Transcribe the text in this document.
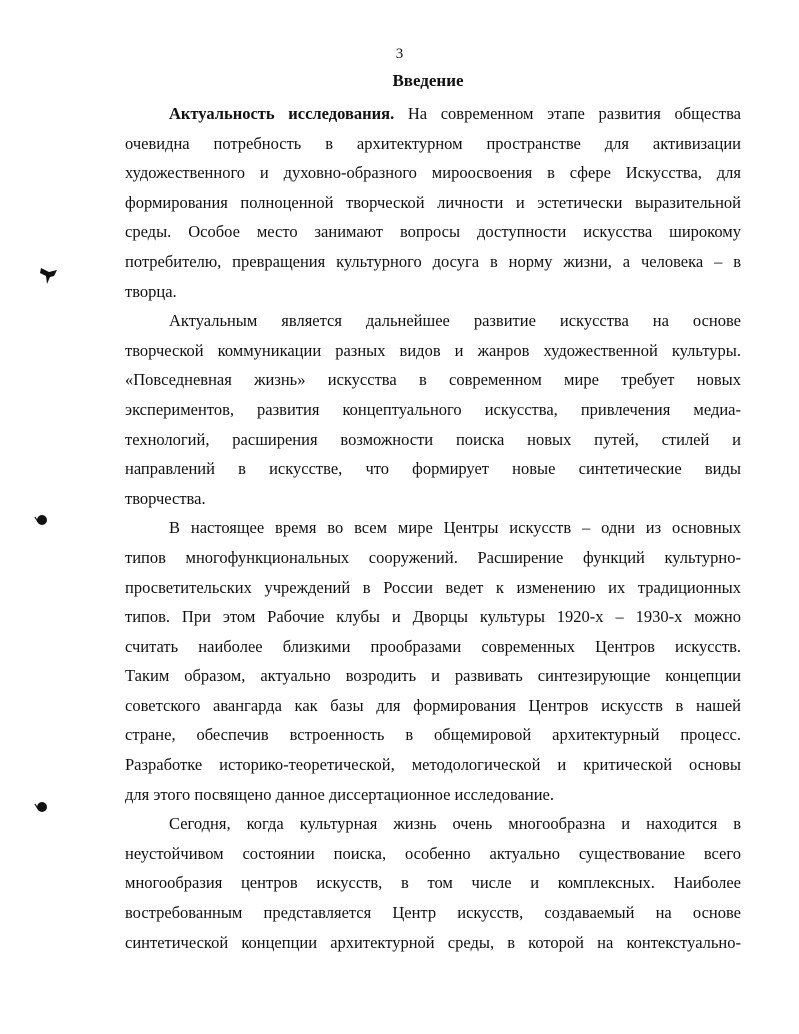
3
Введение
Актуальность исследования. На современном этапе развития общества
очевидна потребность в архитектурном пространстве для активизации
художественного и духовно-образного мироосвоения в сфере Искусства, для
формирования полноценной творческой личности и эстетически выразительной
среды. Особое место занимают вопросы доступности искусства широкому
потребителю, превращения культурного досуга в норму жизни, а человека – в
творца.
Актуальным является дальнейшее развитие искусства на основе
творческой коммуникации разных видов и жанров художественной культуры.
«Повседневная жизнь» искусства в современном мире требует новых
экспериментов, развития концептуального искусства, привлечения медиа-
технологий, расширения возможности поиска новых путей, стилей и
направлений в искусстве, что формирует новые синтетические виды
творчества.
В настоящее время во всем мире Центры искусств – одни из основных
типов многофункциональных сооружений. Расширение функций культурно-
просветительских учреждений в России ведет к изменению их традиционных
типов. При этом Рабочие клубы и Дворцы культуры 1920-х – 1930-х можно
считать наиболее близкими прообразами современных Центров искусств.
Таким образом, актуально возродить и развивать синтезирующие концепции
советского авангарда как базы для формирования Центров искусств в нашей
стране, обеспечив встроенность в общемировой архитектурный процесс.
Разработке историко-теоретической, методологической и критической основы
для этого посвящено данное диссертационное исследование.
Сегодня, когда культурная жизнь очень многообразна и находится в
неустойчивом состоянии поиска, особенно актуально существование всего
многообразия центров искусств, в том числе и комплексных. Наиболее
востребованным представляется Центр искусств, создаваемый на основе
синтетической концепции архитектурной среды, в которой на контекстуально-
